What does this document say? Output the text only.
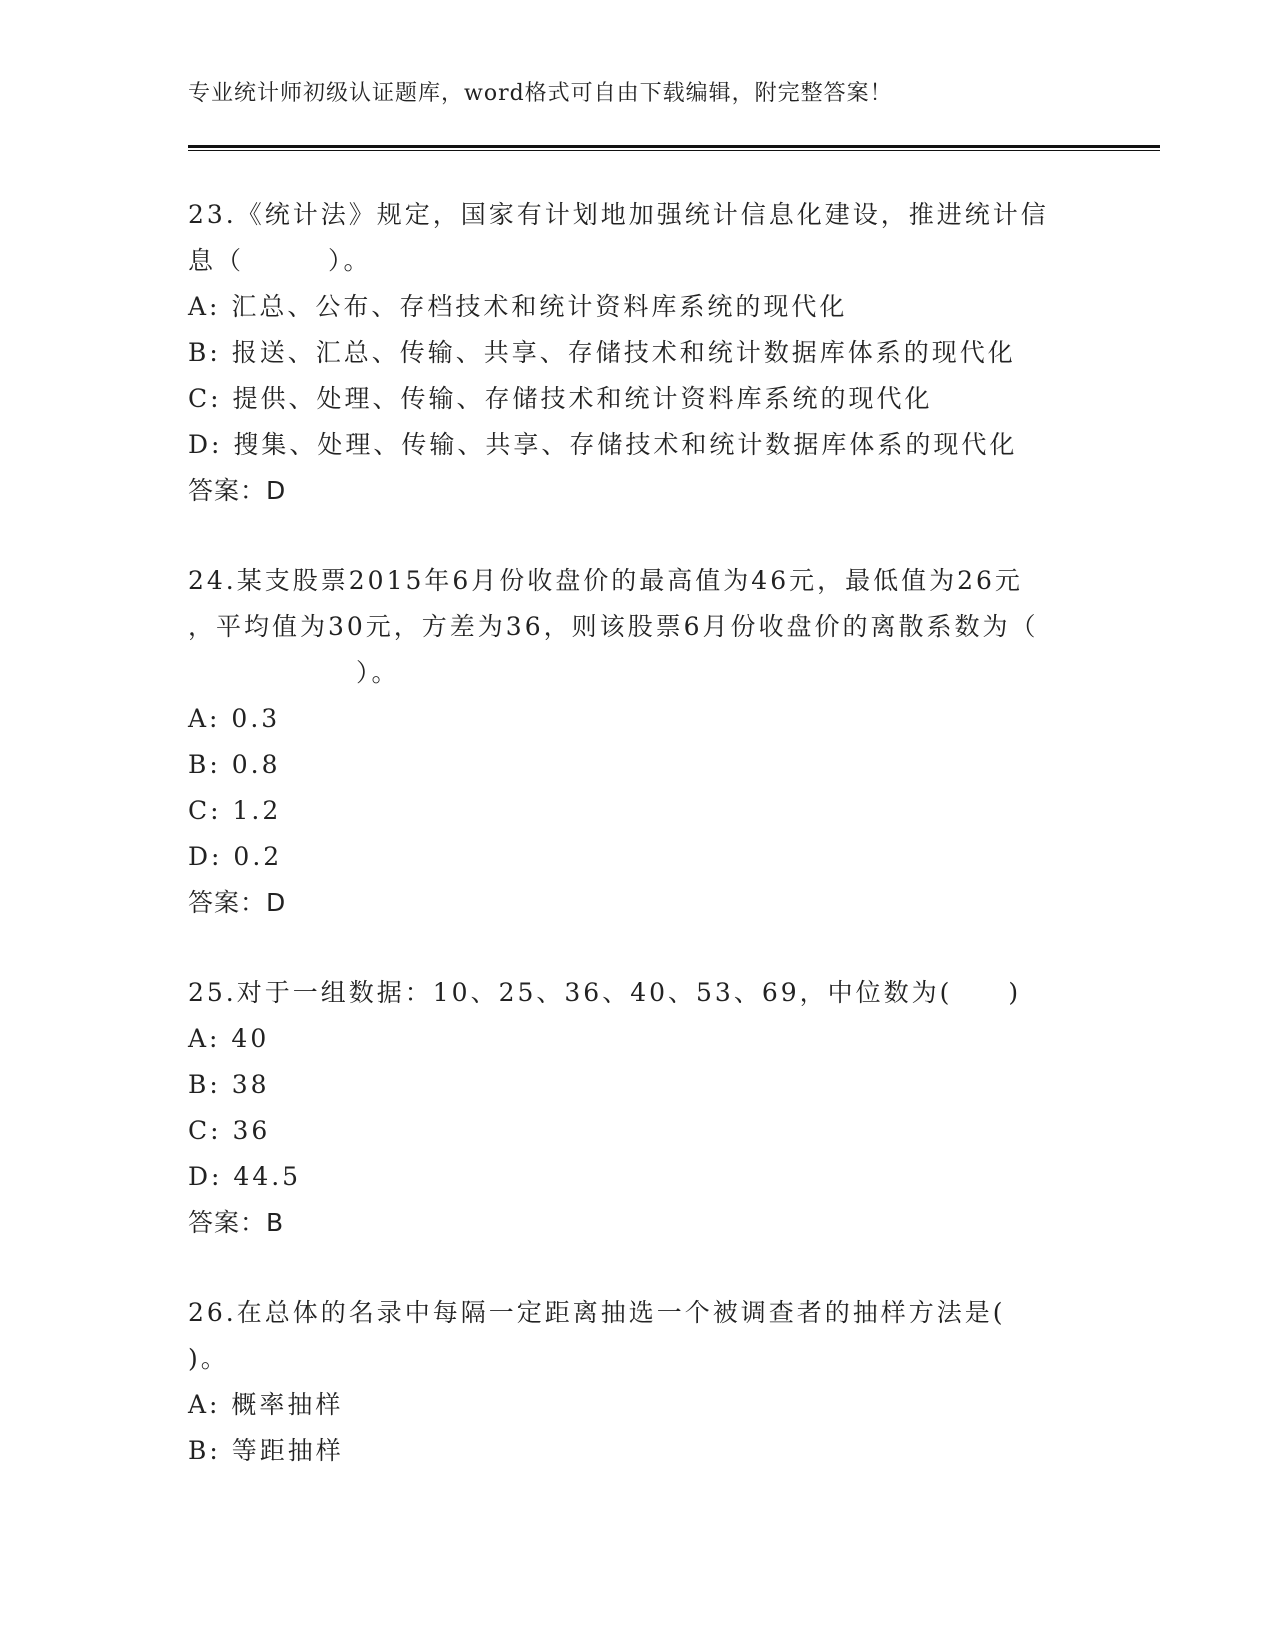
专业统计师初级认证题库，word格式可自由下载编辑，附完整答案！
23.《统计法》规定，国家有计划地加强统计信息化建设，推进统计信
息（　　　）。
A: 汇总、公布、存档技术和统计资料库系统的现代化
B: 报送、汇总、传输、共享、存储技术和统计数据库体系的现代化
C: 提供、处理、传输、存储技术和统计资料库系统的现代化
D: 搜集、处理、传输、共享、存储技术和统计数据库体系的现代化
答案：D
24.某支股票2015年6月份收盘价的最高值为46元，最低值为26元
，平均值为30元，方差为36，则该股票6月份收盘价的离散系数为（
　　　　　　）。
A: 0.3
B: 0.8
C: 1.2
D: 0.2
答案：D
25.对于一组数据：10、25、36、40、53、69，中位数为(　　)
A: 40
B: 38
C: 36
D: 44.5
答案：B
26.在总体的名录中每隔一定距离抽选一个被调查者的抽样方法是(
)。
A: 概率抽样
B: 等距抽样
